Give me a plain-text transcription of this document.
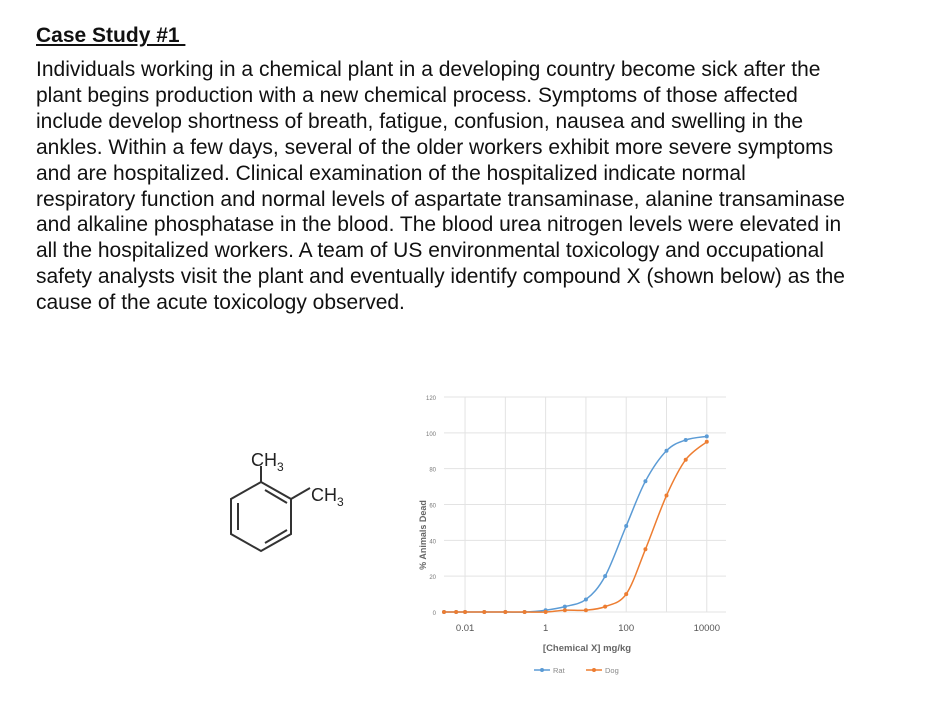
Case Study #1
Individuals working in a chemical plant in a developing country become sick after the
plant begins production with a new chemical process. Symptoms of those affected
include develop shortness of breath, fatigue, confusion, nausea and swelling in the
ankles. Within a few days, several of the older workers exhibit more severe symptoms
and are hospitalized. Clinical examination of the hospitalized indicate normal
respiratory function and normal levels of aspartate transaminase, alanine transaminase
and alkaline phosphatase in the blood. The blood urea nitrogen levels were elevated in
all the hospitalized workers. A team of US environmental toxicology and occupational
safety analysts visit the plant and eventually identify compound X (shown below) as the
cause of the acute toxicology observed.
$CH_3$
$CH_3$
0
20
40
60
80
100
120
0.01	1	100	10000
% Animals Dead
[Chemical X] mg/kg
Rat	Dog
